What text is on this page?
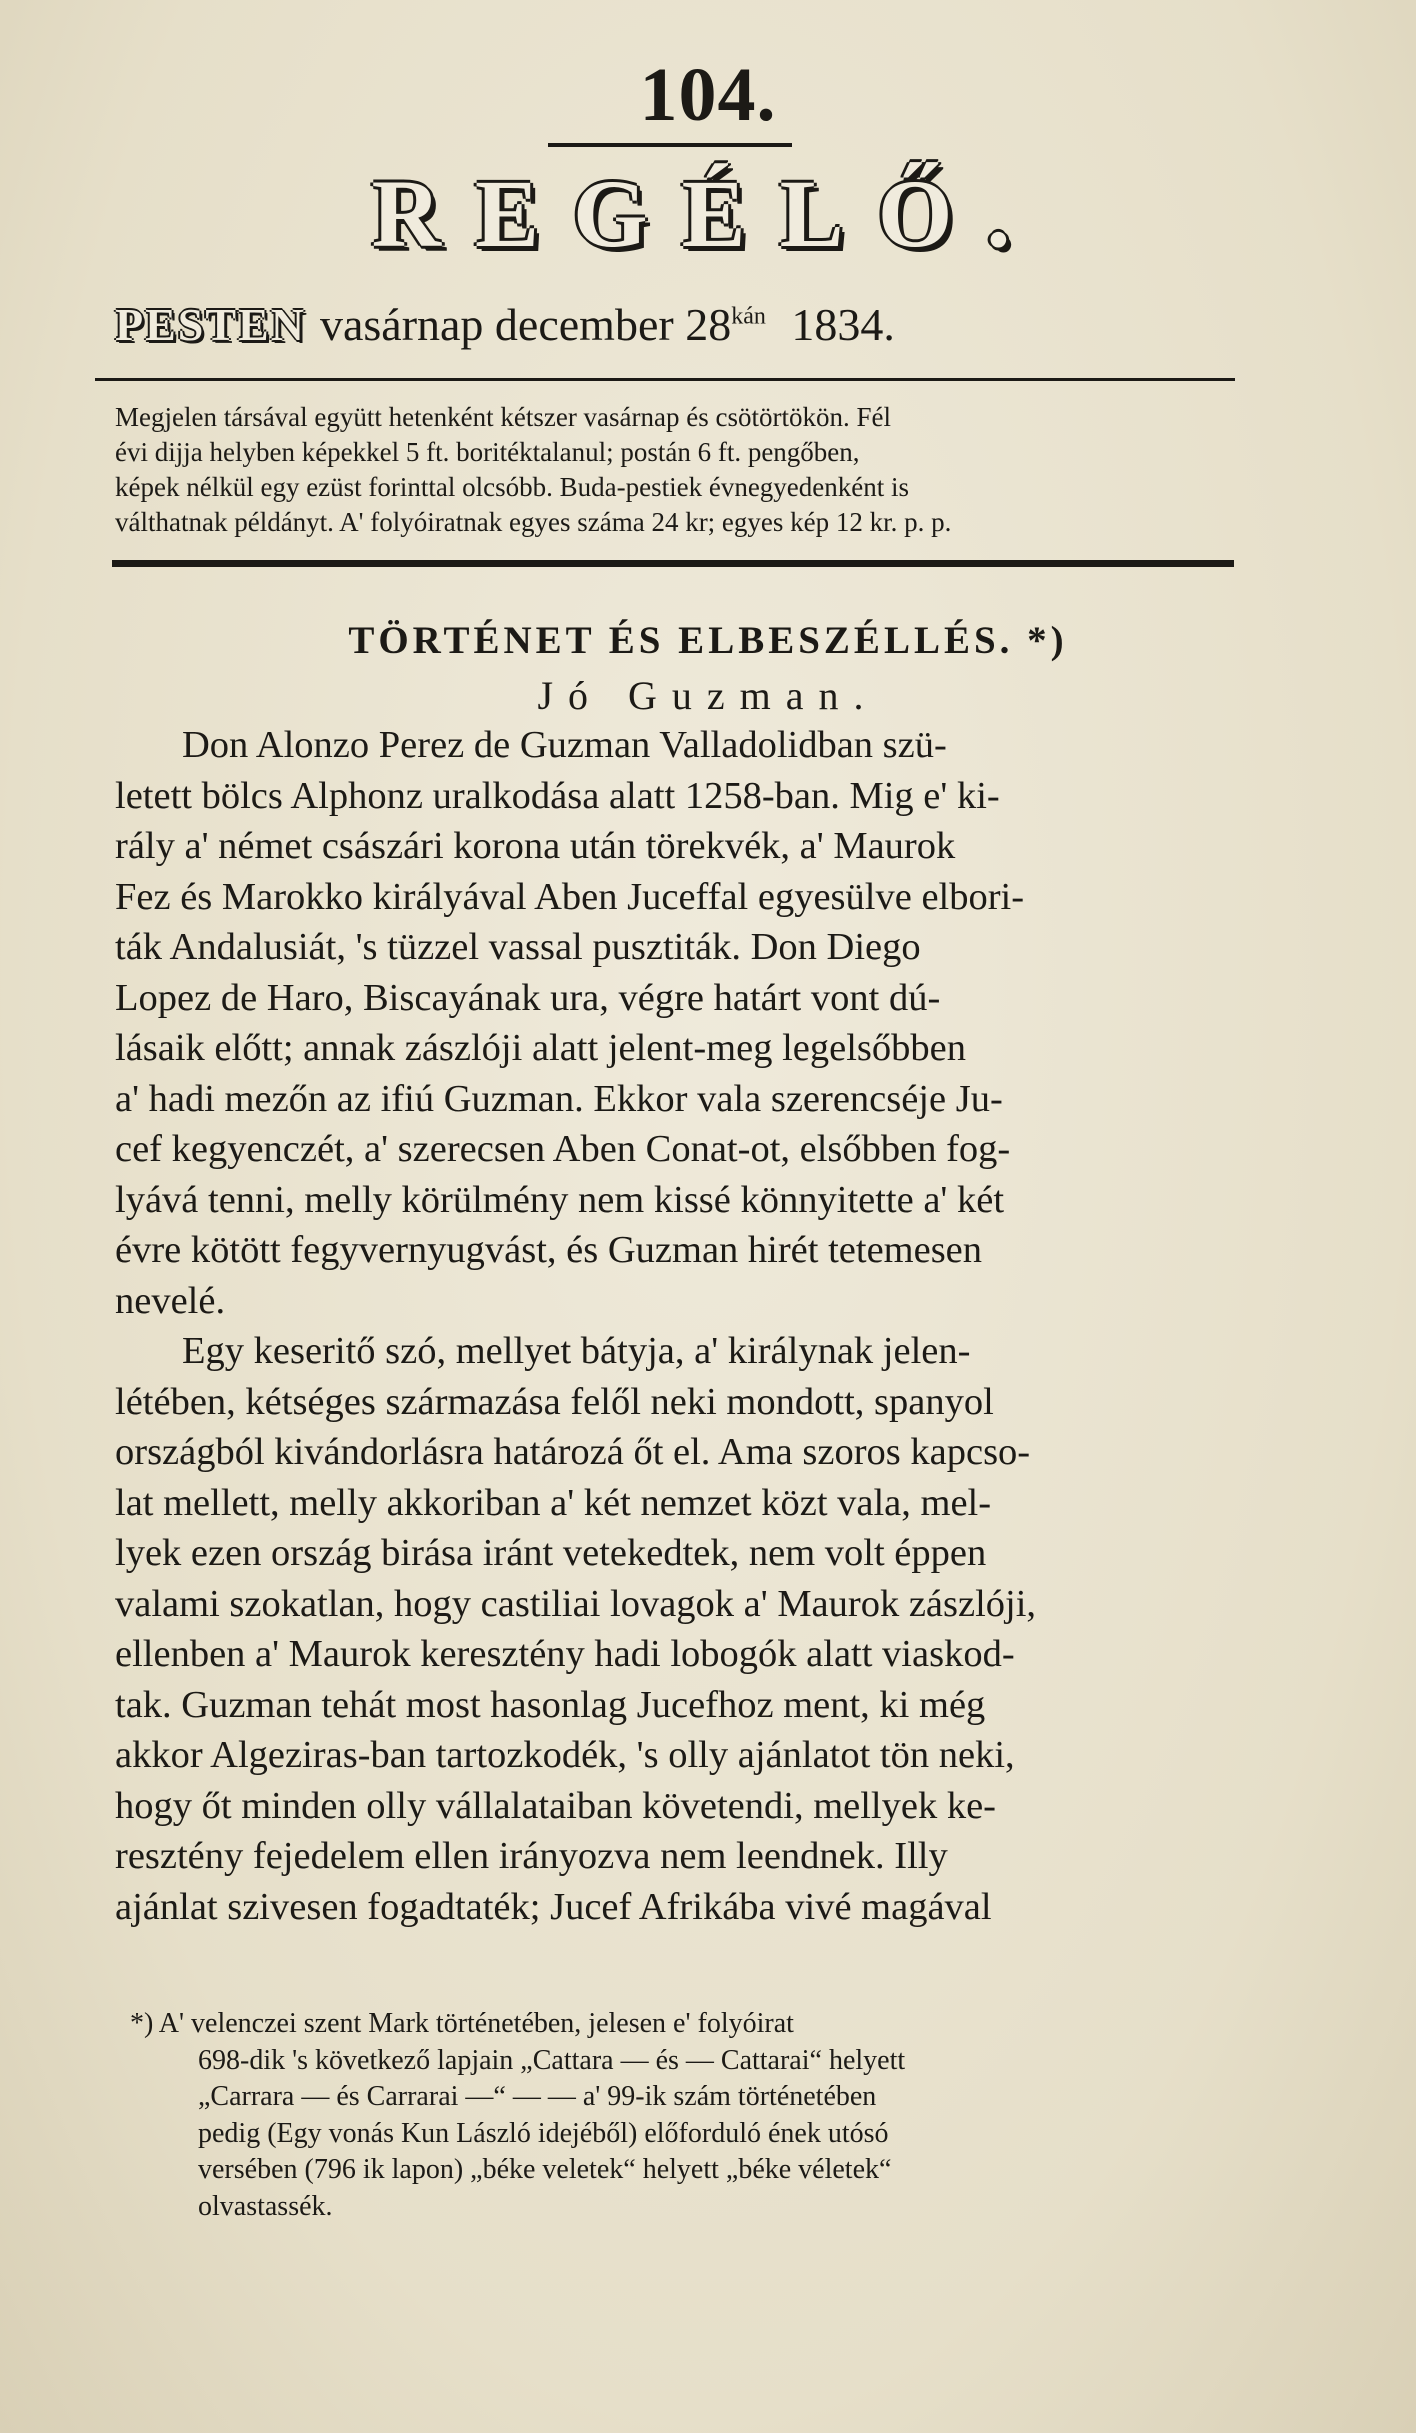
104.
REGÉLŐ.
PESTEN vasárnap december $28^{kán}$ 1834.
Megjelen társával együtt hetenként kétszer vasárnap és csötörtökön. Fél
évi dijja helyben képekkel 5 ft. boritéktalanul; postán 6 ft. pengőben,
képek nélkül egy ezüst forinttal olcsóbb. Buda-pestiek évnegyedenként is
válthatnak példányt. A' folyóiratnak egyes száma 24 kr; egyes kép 12 kr. p. p.
TÖRTÉNET ÉS ELBESZÉLLÉS. *)
Jó Guzman.
Don Alonzo Perez de Guzman Valladolidban szü-
letett bölcs Alphonz uralkodása alatt 1258-ban. Mig e' ki-
rály a' német császári korona után törekvék, a' Maurok
Fez és Marokko királyával Aben Juceffal egyesülve elbori-
ták Andalusiát, 's tüzzel vassal pusztiták. Don Diego
Lopez de Haro, Biscayának ura, végre határt vont dú-
lásaik előtt; annak zászlóji alatt jelent-meg legelsőbben
a' hadi mezőn az ifiú Guzman. Ekkor vala szerencséje Ju-
cef kegyenczét, a' szerecsen Aben Conat-ot, elsőbben fog-
lyává tenni, melly körülmény nem kissé könnyitette a' két
évre kötött fegyvernyugvást, és Guzman hirét tetemesen
nevelé.
Egy keseritő szó, mellyet bátyja, a' királynak jelen-
létében, kétséges származása felől neki mondott, spanyol
országból kivándorlásra határozá őt el. Ama szoros kapcso-
lat mellett, melly akkoriban a' két nemzet közt vala, mel-
lyek ezen ország birása iránt vetekedtek, nem volt éppen
valami szokatlan, hogy castiliai lovagok a' Maurok zászlóji,
ellenben a' Maurok keresztény hadi lobogók alatt viaskod-
tak. Guzman tehát most hasonlag Jucefhoz ment, ki még
akkor Algeziras-ban tartozkodék, 's olly ajánlatot tön neki,
hogy őt minden olly vállalataiban követendi, mellyek ke-
resztény fejedelem ellen irányozva nem leendnek. Illy
ajánlat szivesen fogadtaték; Jucef Afrikába vivé magával
*) A' velenczei szent Mark történetében, jelesen e' folyóirat
698-dik 's következő lapjain „Cattara — és — Cattarai“ helyett
„Carrara — és Carrarai —“ — — a' 99-ik szám történetében
pedig (Egy vonás Kun László idejéből) előforduló ének utósó
versében (796 ik lapon) „béke veletek“ helyett „béke véletek“
olvastassék.
